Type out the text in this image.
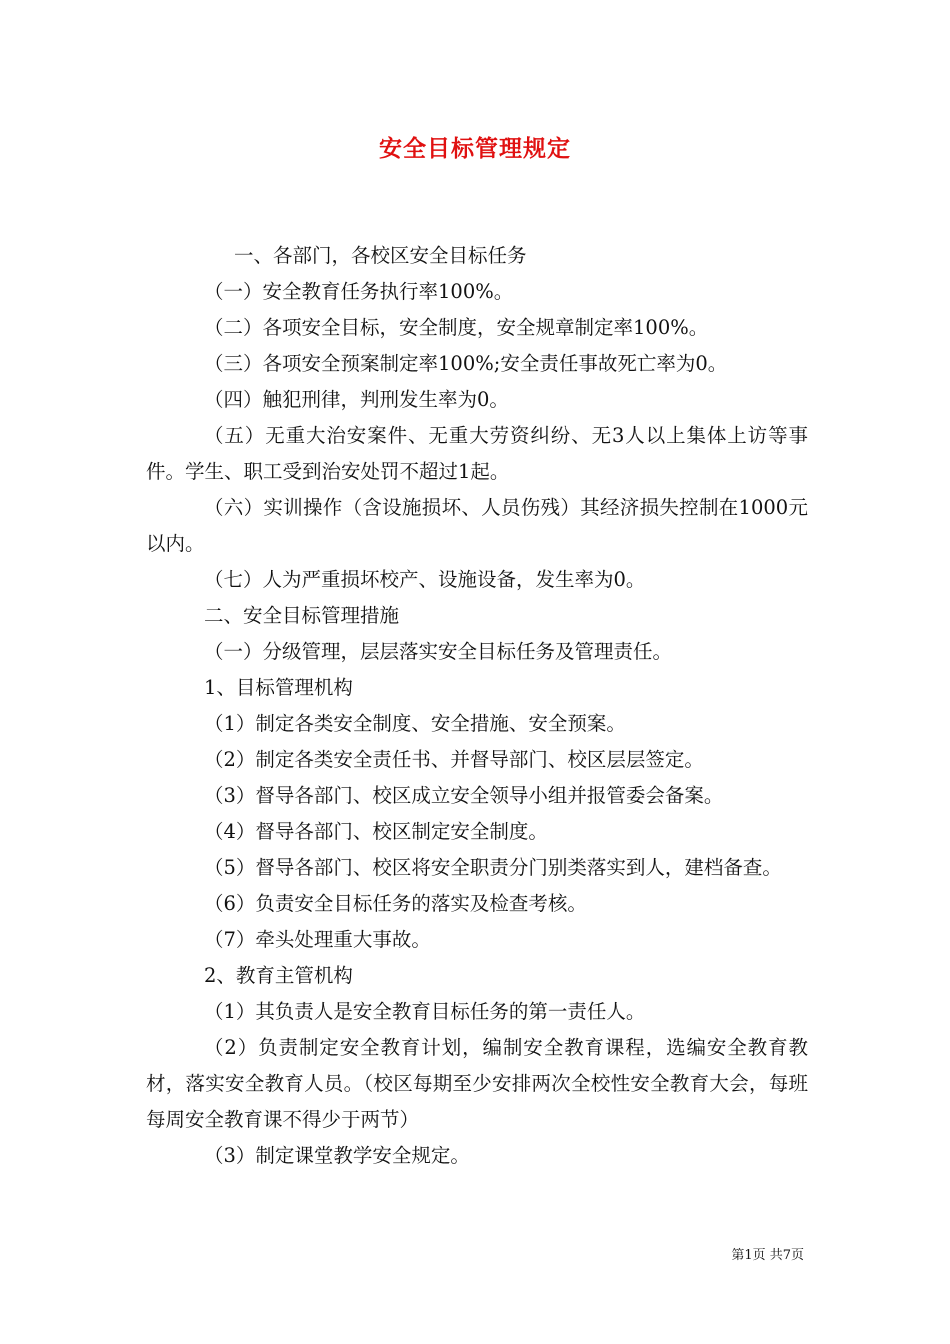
安全目标管理规定

一、各部门，各校区安全目标任务

（一）安全教育任务执行率100%。

（二）各项安全目标，安全制度，安全规章制定率100%。

（三）各项安全预案制定率100%;安全责任事故死亡率为0。

（四）触犯刑律，判刑发生率为0。

（五）无重大治安案件、无重大劳资纠纷、无3人以上集体上访等事件。学生、职工受到治安处罚不超过1起。

（六）实训操作（含设施损坏、人员伤残）其经济损失控制在1000元以内。

（七）人为严重损坏校产、设施设备，发生率为0。

二、安全目标管理措施

（一）分级管理，层层落实安全目标任务及管理责任。

1、目标管理机构

（1）制定各类安全制度、安全措施、安全预案。

（2）制定各类安全责任书、并督导部门、校区层层签定。

（3）督导各部门、校区成立安全领导小组并报管委会备案。

（4）督导各部门、校区制定安全制度。

（5）督导各部门、校区将安全职责分门别类落实到人，建档备查。

（6）负责安全目标任务的落实及检查考核。

（7）牵头处理重大事故。

2、教育主管机构

（1）其负责人是安全教育目标任务的第一责任人。

（2）负责制定安全教育计划，编制安全教育课程，选编安全教育教材，落实安全教育人员。（校区每期至少安排两次全校性安全教育大会，每班每周安全教育课不得少于两节）

（3）制定课堂教学安全规定。

第1页 共7页
